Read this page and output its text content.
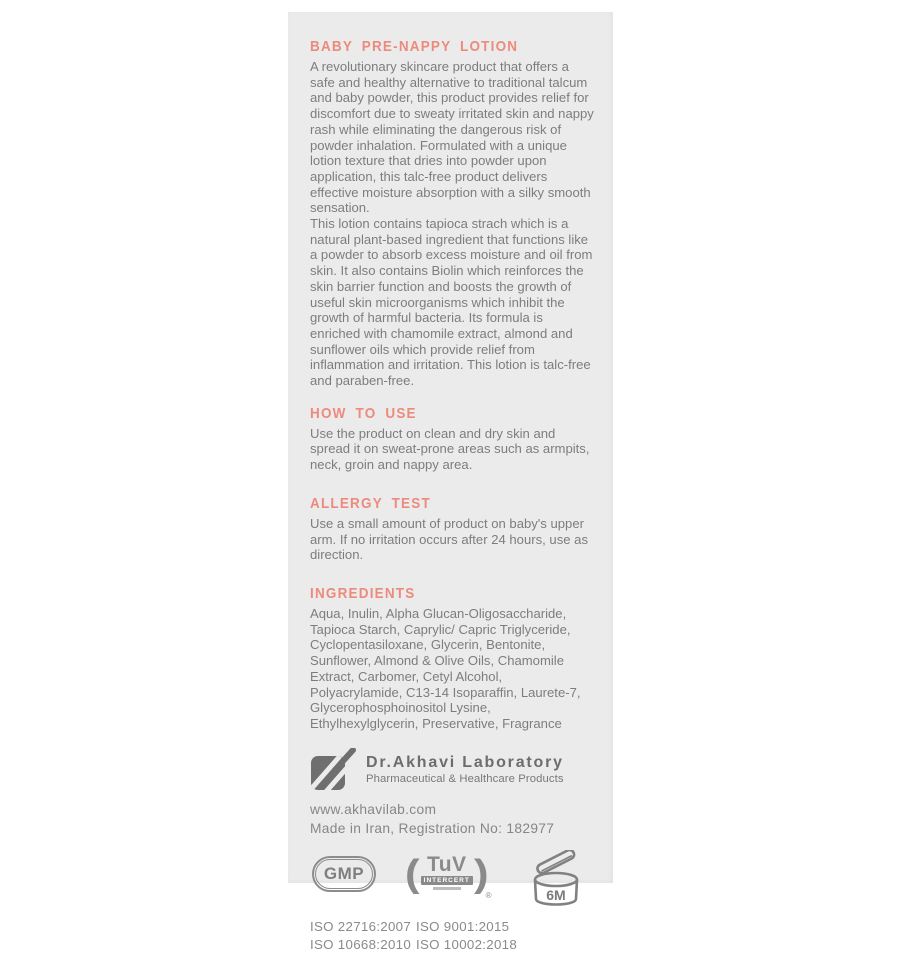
BABY PRE-NAPPY LOTION

A revolutionary skincare product that offers a safe and healthy alternative to traditional talcum and baby powder, this product provides relief for discomfort due to sweaty irritated skin and nappy rash while eliminating the dangerous risk of powder inhalation. Formulated with a unique lotion texture that dries into powder upon application, this talc-free product delivers effective moisture absorption with a silky smooth sensation.

This lotion contains tapioca strach which is a natural plant-based ingredient that functions like a powder to absorb excess moisture and oil from skin. It also contains Biolin which reinforces the skin barrier function and boosts the growth of useful skin microorganisms which inhibit the growth of harmful bacteria. Its formula is enriched with chamomile extract, almond and sunflower oils which provide relief from inflammation and irritation. This lotion is talc-free and paraben-free.

HOW TO USE

Use the product on clean and dry skin and spread it on sweat-prone areas such as armpits, neck, groin and nappy area.

ALLERGY TEST

Use a small amount of product on baby's upper arm. If no irritation occurs after 24 hours, use as direction.

INGREDIENTS

Aqua, Inulin, Alpha Glucan-Oligosaccharide, Tapioca Starch, Caprylic/ Capric Triglyceride, Cyclopentasiloxane, Glycerin, Bentonite, Sunflower, Almond & Olive Oils, Chamomile Extract, Carbomer, Cetyl Alcohol, Polyacrylamide, C13-14 Isoparaffin, Laurete-7, Glycerophosphoinositol Lysine, Ethylhexylglycerin, Preservative, Fragrance

Dr.Akhavi Laboratory
Pharmaceutical & Healthcare Products
www.akhavilab.com
Made in Iran, Registration No: 182977
GMP ( TuV
INTERCERT )
®	6M
ISO 22716:2007
ISO 10668:2010
ISO 9001:2015
ISO 10002:2018
